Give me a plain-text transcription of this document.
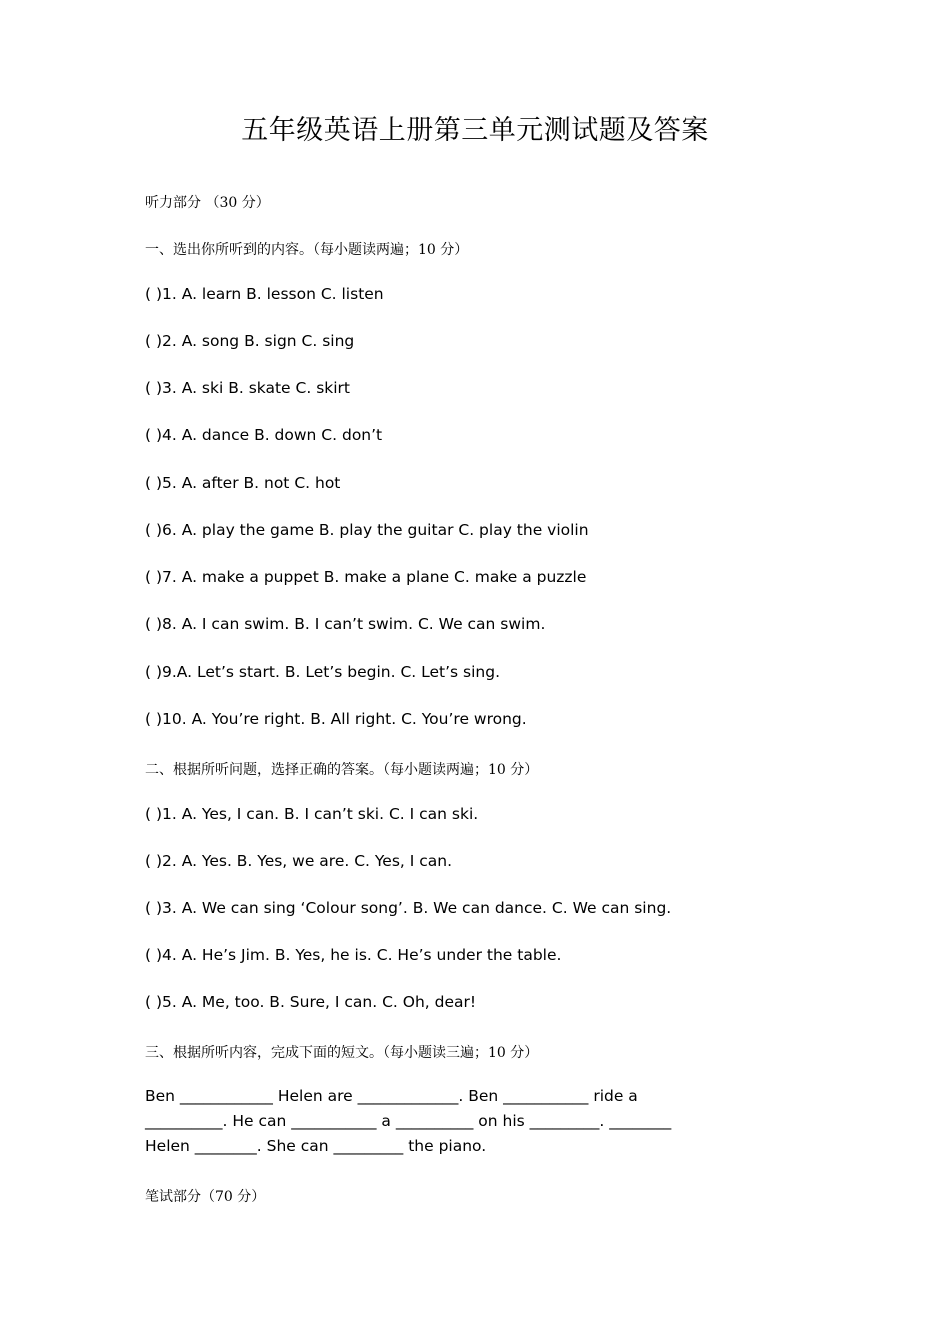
五年级英语上册第三单元测试题及答案
听力部分 （30 分）
一、选出你所听到的内容。（每小题读两遍；10 分）
( )1. A. learn B. lesson C. listen
( )2. A. song B. sign C. sing
( )3. A. ski B. skate C. skirt
( )4. A. dance B. down C. don’t
( )5. A. after B. not C. hot
( )6. A. play the game B. play the guitar C. play the violin
( )7. A. make a puppet B. make a plane C. make a puzzle
( )8. A. I can swim. B. I can’t swim. C. We can swim.
( )9.A. Let’s start. B. Let’s begin. C. Let’s sing.
( )10. A. You’re right. B. All right. C. You’re wrong.
二、根据所听问题，选择正确的答案。（每小题读两遍；10 分）
( )1. A. Yes, I can. B. I can’t ski. C. I can ski.
( )2. A. Yes. B. Yes, we are. C. Yes, I can.
( )3. A. We can sing ‘Colour song’. B. We can dance. C. We can sing.
( )4. A. He’s Jim. B. Yes, he is. C. He’s under the table.
( )5. A. Me, too. B. Sure, I can. C. Oh, dear!
三、根据所听内容，完成下面的短文。（每小题读三遍；10 分）
Ben ____________ Helen are _____________. Ben ___________ ride a
__________. He can ___________ a __________ on his _________. ________
Helen ________. She can _________ the piano.
笔试部分（70 分）
